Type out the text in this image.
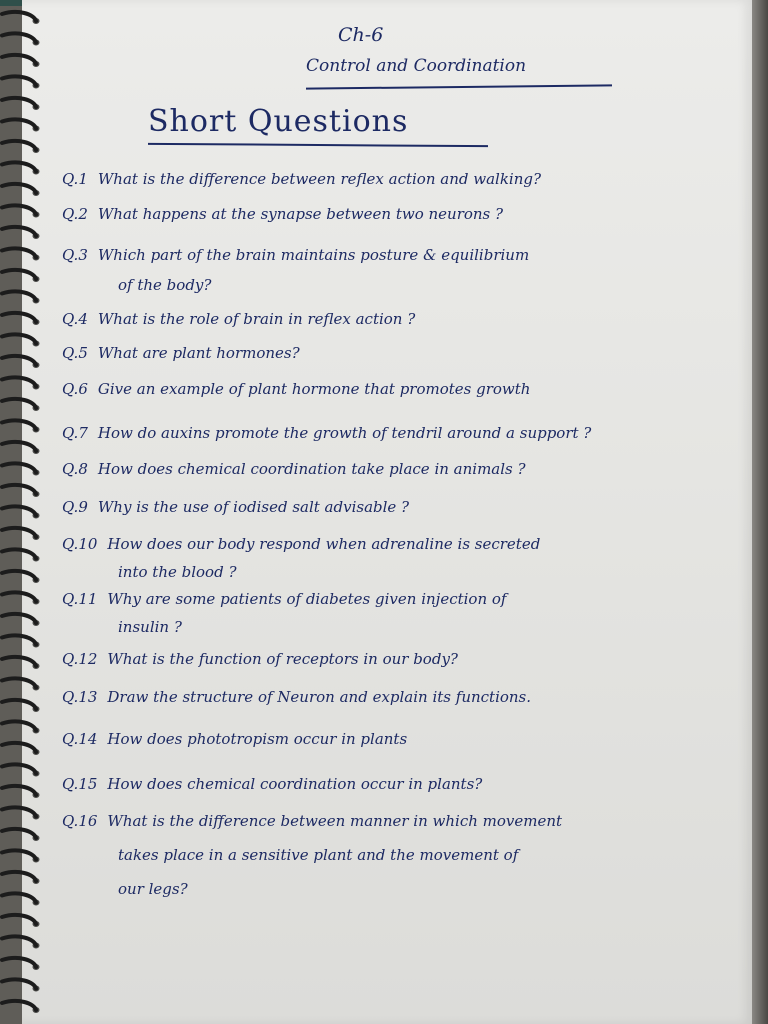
Ch-6
Control and Coordination
Short Questions
Q.1 What is the difference between reflex action and walking?
Q.2 What happens at the synapse between two neurons ?
Q.3 Which part of the brain maintains posture & equilibrium
of the body?
Q.4 What is the role of brain in reflex action ?
Q.5 What are plant hormones?
Q.6 Give an example of plant hormone that promotes growth
Q.7 How do auxins promote the growth of tendril around a support ?
Q.8 How does chemical coordination take place in animals ?
Q.9 Why is the use of iodised salt advisable ?
Q.10 How does our body respond when adrenaline is secreted
into the blood ?
Q.11 Why are some patients of diabetes given injection of
insulin ?
Q.12 What is the function of receptors in our body?
Q.13 Draw the structure of Neuron and explain its functions.
Q.14 How does phototropism occur in plants
Q.15 How does chemical coordination occur in plants?
Q.16 What is the difference between manner in which movement
takes place in a sensitive plant and the movement of
our legs?
